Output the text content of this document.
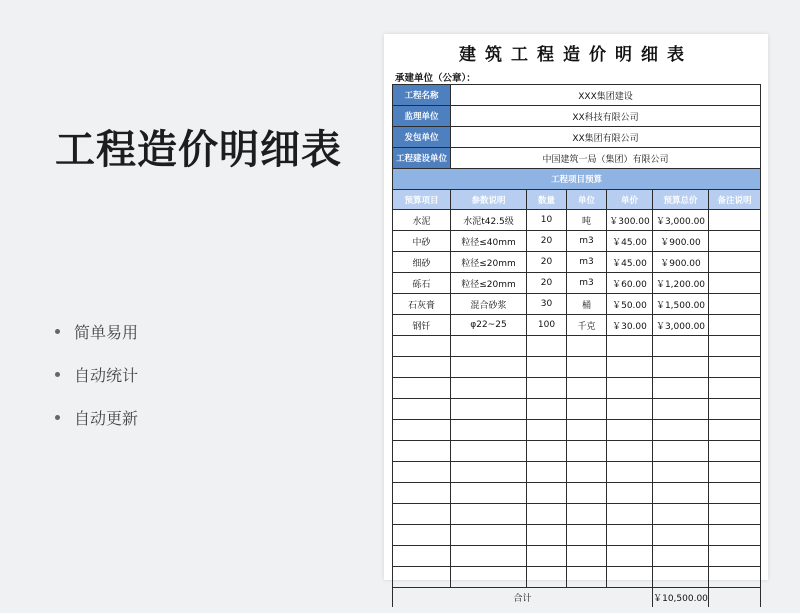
工程造价明细表
简单易用
自动统计
自动更新
建筑工程造价明细表
承建单位（公章）：
工程名称	XXX集团建设					
监理单位	XX科技有限公司					
发包单位	XX集团有限公司					
工程建设单位	中国建筑一局（集团）有限公司					
工程项目预算						
预算项目	参数说明	数量	单位	单价	预算总价	备注说明
水泥	水泥t42.5级	10	吨	￥300.00	￥3,000.00	
中砂	粒径≤40mm	20	m3	￥45.00	￥900.00	
细砂	粒径≤20mm	20	m3	￥45.00	￥900.00	
砾石	粒径≤20mm	20	m3	￥60.00	￥1,200.00	
石灰膏	混合砂浆	30	桶	￥50.00	￥1,500.00	
钢钎	φ22~25	100	千克	￥30.00	￥3,000.00	

合计					￥10,500.00	
